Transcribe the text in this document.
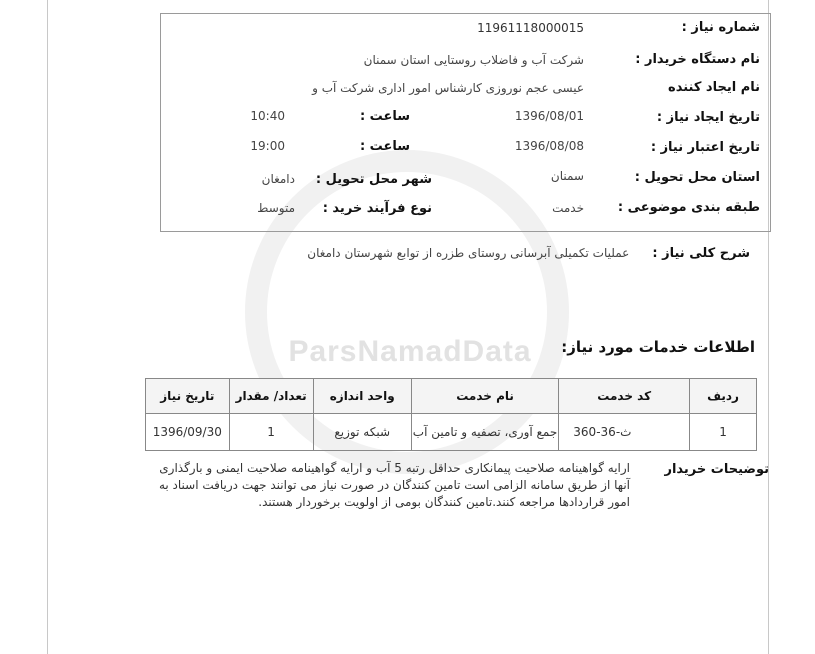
ParsNamadData
شماره نیاز :
11961118000015
نام دستگاه خریدار :
شرکت آب و فاضلاب روستایی استان سمنان
نام ایجاد کننده
عیسی عجم نوروزی کارشناس امور اداری شرکت آب و
تاریخ ایجاد نیاز :
1396/08/01
ساعت :
10:40
تاریخ اعتبار نیاز :
1396/08/08
ساعت :
19:00
استان محل تحویل :
سمنان
شهر محل تحویل :
دامغان
طبقه بندی موضوعی :
خدمت
نوع فرآیند خرید :
متوسط
شرح کلی نیاز : عملیات تکمیلی آبرسانی روستای طزره از توابع شهرستان دامغان
اطلاعات خدمات مورد نیاز:
ردیف	کد خدمت	نام خدمت	واحد اندازه	تعداد/ مقدار	تاریخ نیاز
1	ث-36-360	جمع آوری، تصفیه و تامین آب	شبکه توزیع	1	1396/09/30
توضیحات خریدار
ارایه گواهینامه صلاحیت پیمانکاری حداقل رتبه 5 آب و ارایه گواهینامه صلاحیت ایمنی و بارگذاری آنها از طریق سامانه الزامی است تامین کنندگان در صورت نیاز می توانند جهت دریافت اسناد به امور قراردادها مراجعه کنند.تامین کنندگان بومی از اولویت برخوردار هستند.
